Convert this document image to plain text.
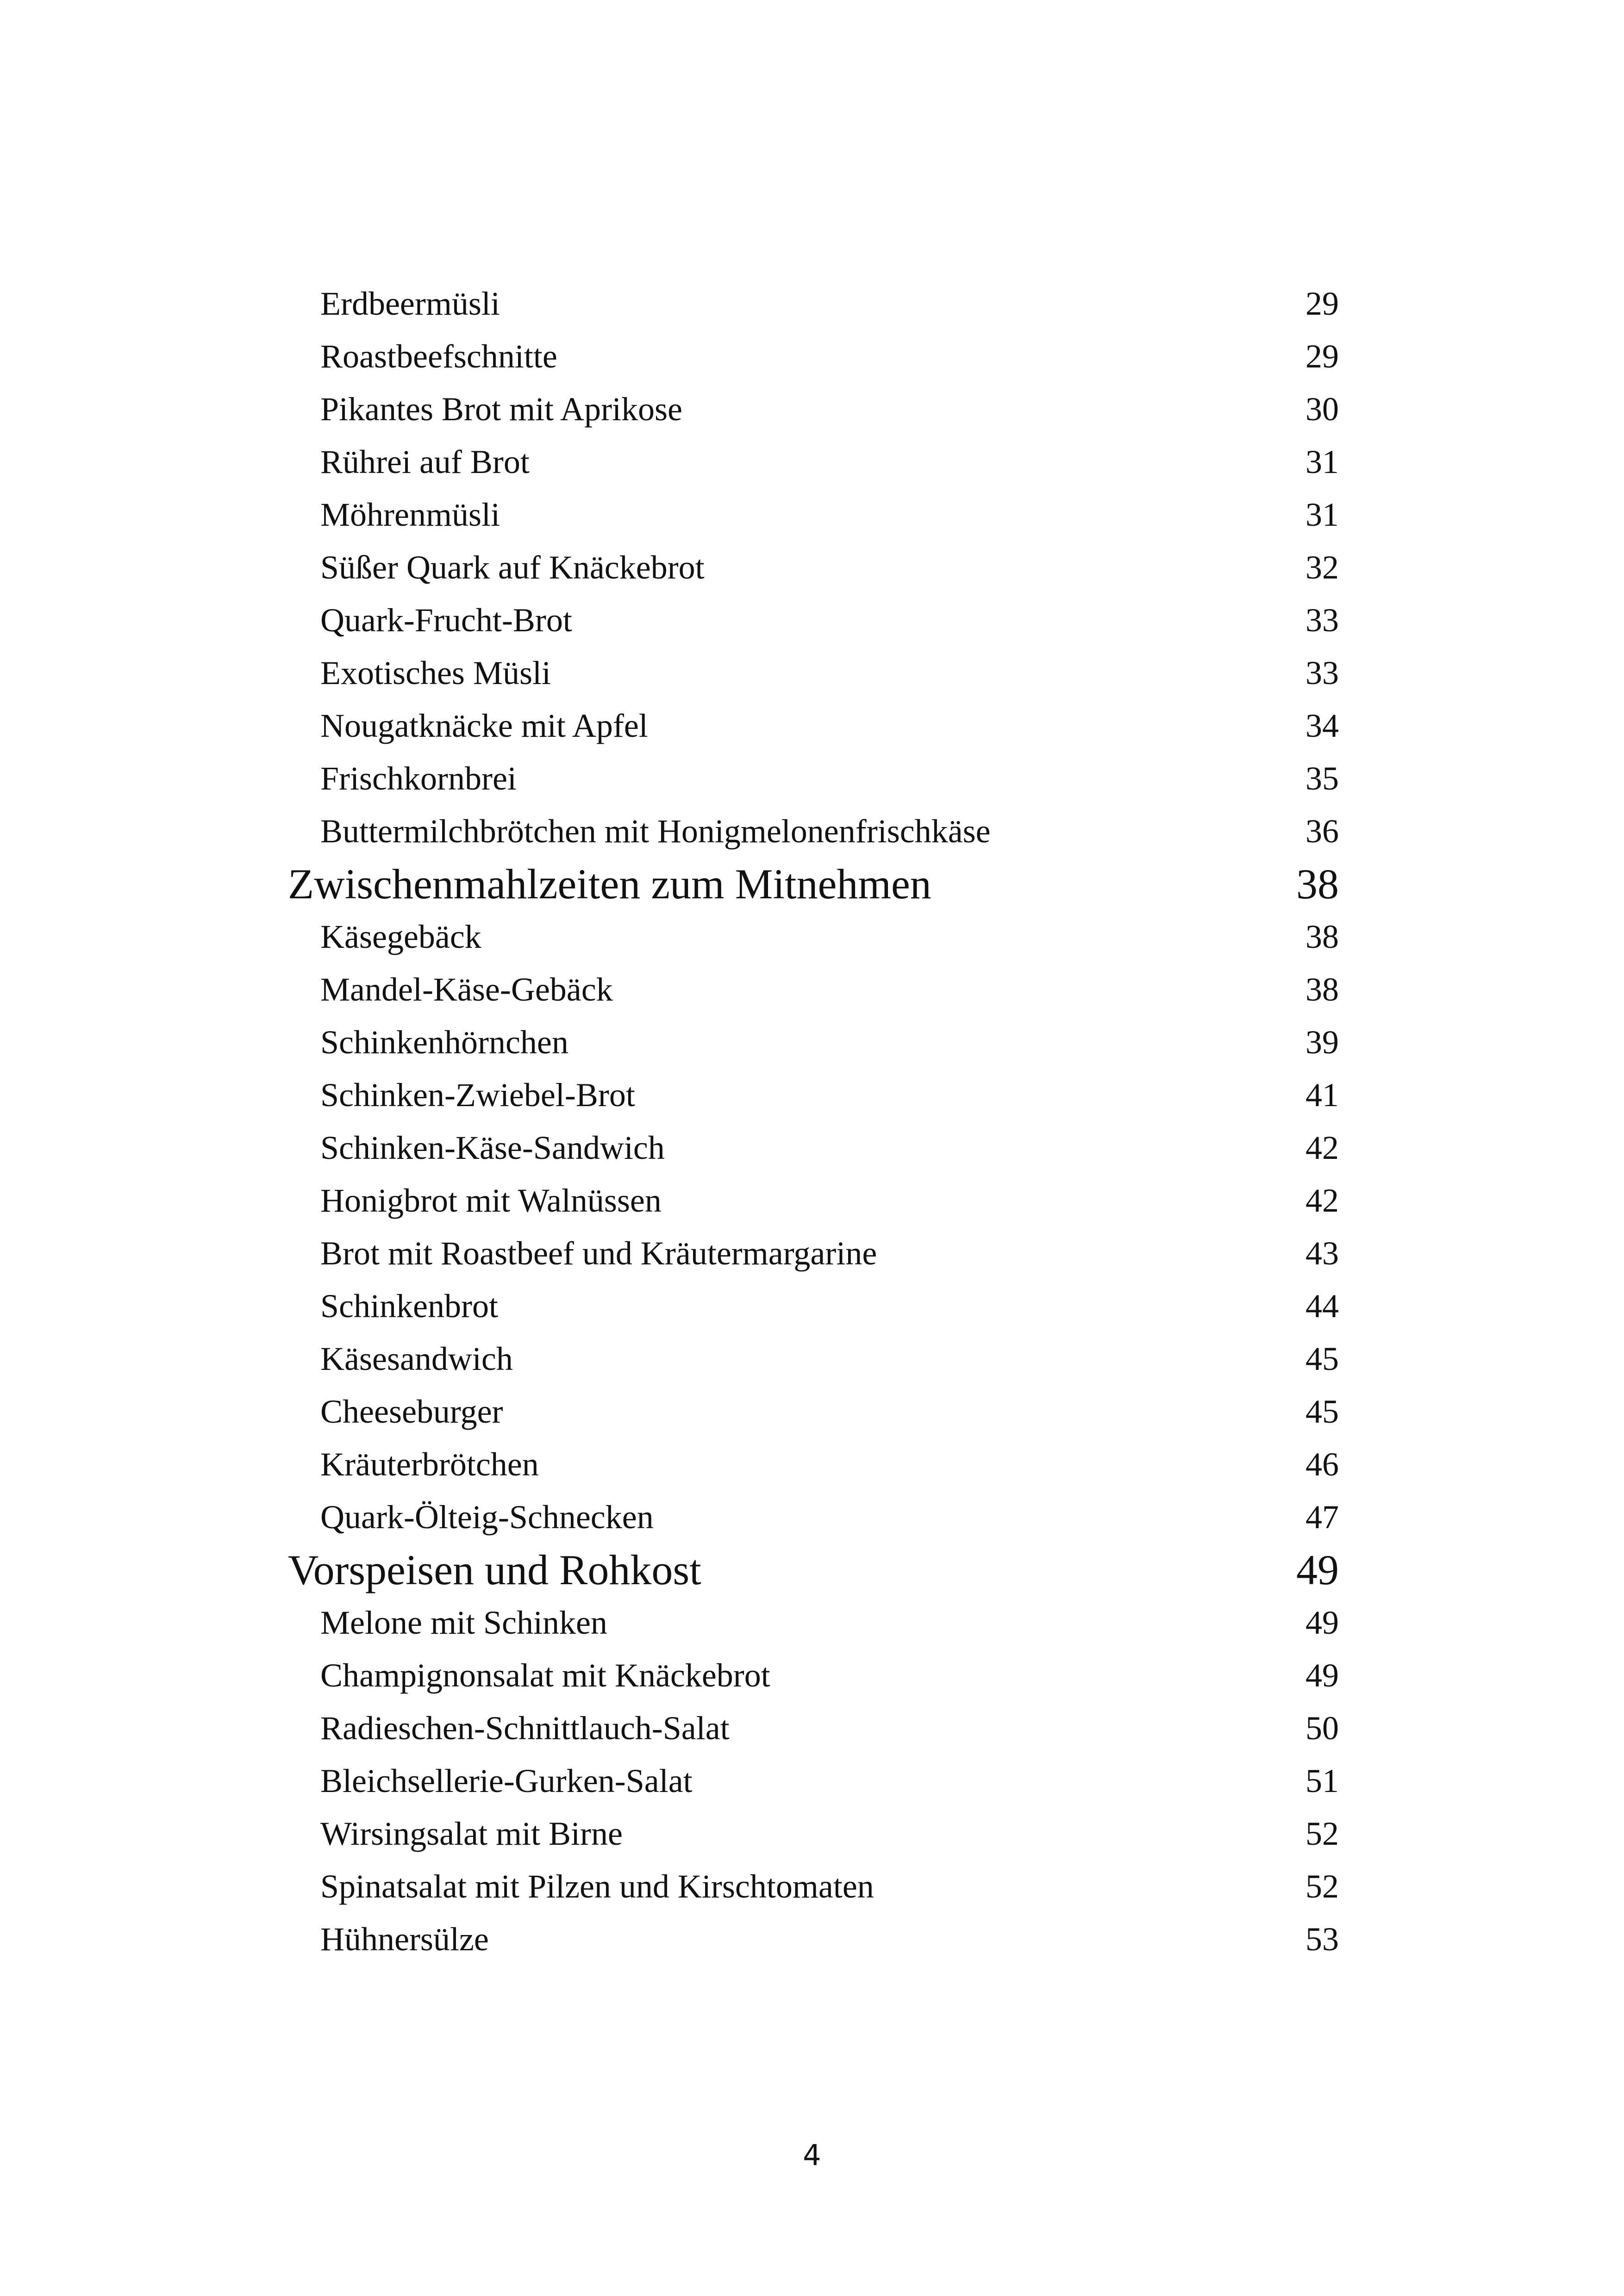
Erdbeermüsli	29
Roastbeefschnitte	29
Pikantes Brot mit Aprikose	30
Rührei auf Brot	31
Möhrenmüsli	31
Süßer Quark auf Knäckebrot	32
Quark-Frucht-Brot	33
Exotisches Müsli	33
Nougatknäcke mit Apfel	34
Frischkornbrei	35
Buttermilchbrötchen mit Honigmelonenfrischkäse	36
Zwischenmahlzeiten zum Mitnehmen	38
Käsegebäck	38
Mandel-Käse-Gebäck	38
Schinkenhörnchen	39
Schinken-Zwiebel-Brot	41
Schinken-Käse-Sandwich	42
Honigbrot mit Walnüssen	42
Brot mit Roastbeef und Kräutermargarine	43
Schinkenbrot	44
Käsesandwich	45
Cheeseburger	45
Kräuterbrötchen	46
Quark-Ölteig-Schnecken	47
Vorspeisen und Rohkost	49
Melone mit Schinken	49
Champignonsalat mit Knäckebrot	49
Radieschen-Schnittlauch-Salat	50
Bleichsellerie-Gurken-Salat	51
Wirsingsalat mit Birne	52
Spinatsalat mit Pilzen und Kirschtomaten	52
Hühnersülze	53
4
